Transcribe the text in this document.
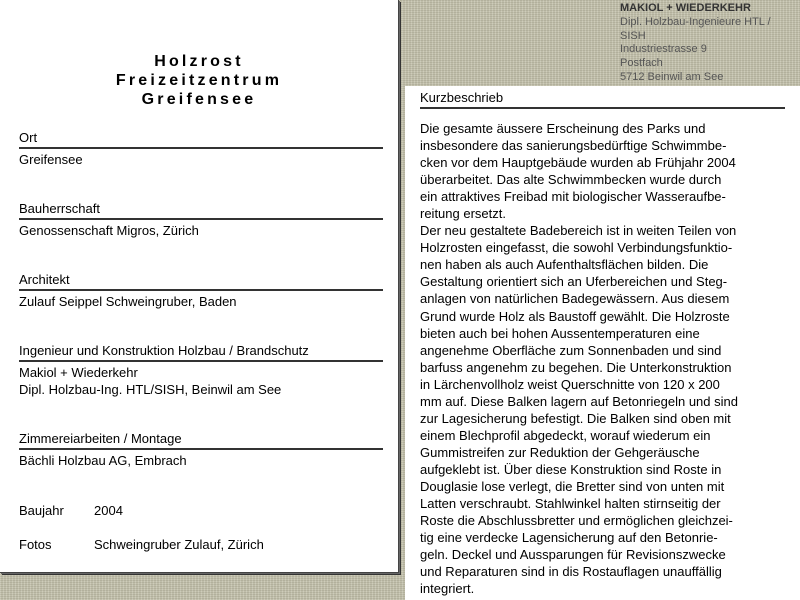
Holzrost
Freizeitzentrum
Greifensee
Ort
Greifensee
Bauherrschaft
Genossenschaft Migros, Zürich
Architekt
Zulauf Seippel Schweingruber, Baden
Ingenieur und Konstruktion Holzbau / Brandschutz
Makiol + Wiederkehr
Dipl. Holzbau-Ing. HTL/SISH, Beinwil am See
Zimmereiarbeiten / Montage
Bächli Holzbau AG, Embrach
Baujahr 2004
Fotos	Schweingruber Zulauf, Zürich
MAKIOL + WIEDERKEHR
Dipl. Holzbau-Ingenieure HTL /
SISH
Industriestrasse 9
Postfach
5712 Beinwil am See
Kurzbeschrieb
Die gesamte äussere Erscheinung des Parks und
insbesondere das sanierungsbedürftige Schwimmbe-
cken vor dem Hauptgebäude wurden ab Frühjahr 2004
überarbeitet. Das alte Schwimmbecken wurde durch
ein attraktives Freibad mit biologischer Wasseraufbe-
reitung ersetzt.
Der neu gestaltete Badebereich ist in weiten Teilen von
Holzrosten eingefasst, die sowohl Verbindungsfunktio-
nen haben als auch Aufenthaltsflächen bilden. Die
Gestaltung orientiert sich an Uferbereichen und Steg-
anlagen von natürlichen Badegewässern. Aus diesem
Grund wurde Holz als Baustoff gewählt. Die Holzroste
bieten auch bei hohen Aussentemperaturen eine
angenehme Oberfläche zum Sonnenbaden und sind
barfuss angenehm zu begehen. Die Unterkonstruktion
in Lärchenvollholz weist Querschnitte von 120 x 200
mm auf. Diese Balken lagern auf Betonriegeln und sind
zur Lagesicherung befestigt. Die Balken sind oben mit
einem Blechprofil abgedeckt, worauf wiederum ein
Gummistreifen zur Reduktion der Gehgeräusche
aufgeklebt ist. Über diese Konstruktion sind Roste in
Douglasie lose verlegt, die Bretter sind von unten mit
Latten verschraubt. Stahlwinkel halten stirnseitig der
Roste die Abschlussbretter und ermöglichen gleichzei-
tig eine verdecke Lagensicherung auf den Betonrie-
geln. Deckel und Aussparungen für Revisionszwecke
und Reparaturen sind in dis Rostauflagen unauffällig
integriert.
